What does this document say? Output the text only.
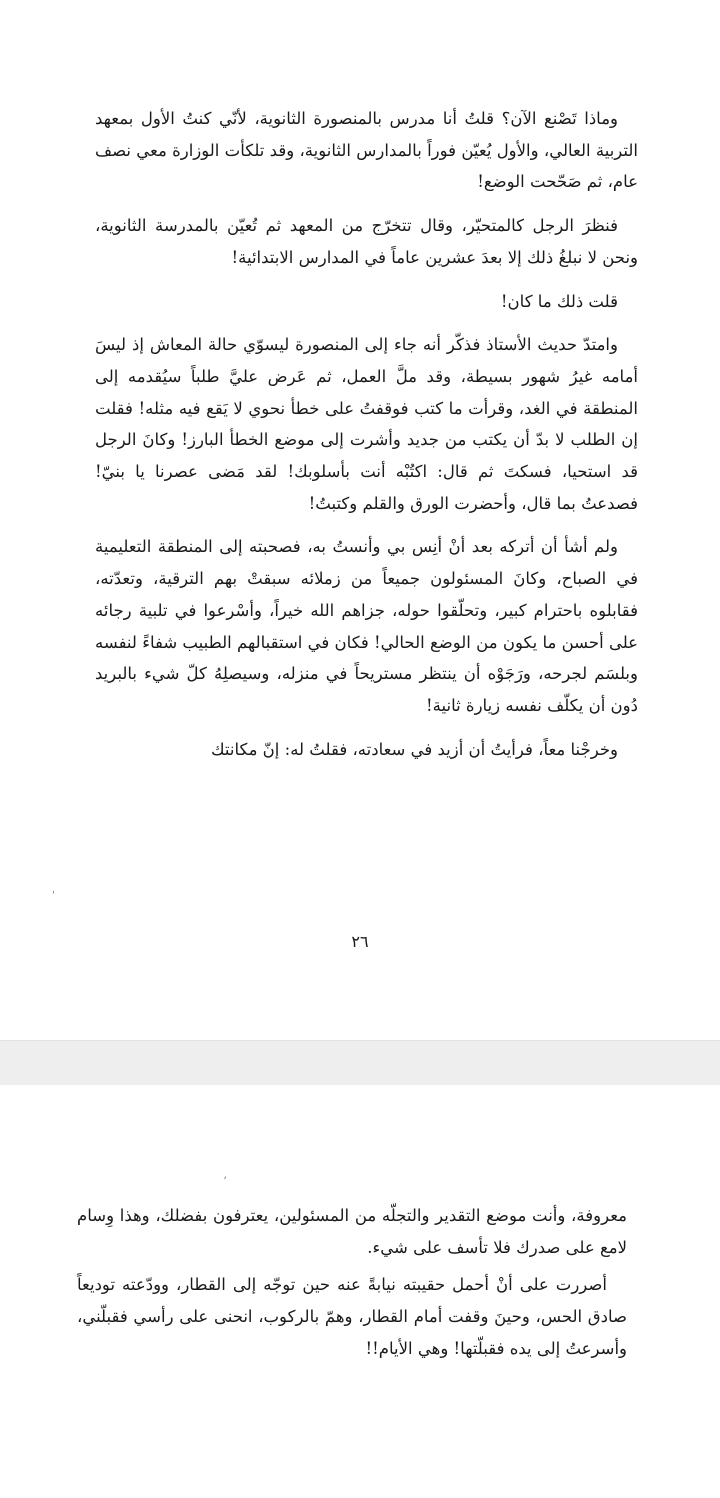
وماذا تَصْنع الآن؟ قلتُ أنا مدرس بالمنصورة الثانوية، لأنّي كنتُ الأول بمعهد التربية العالي، والأول يُعيّن فوراً بالمدارس الثانوية، وقد تلكأت الوزارة معي نصف عام، ثم صَحّحت الوضع!

فنظرَ الرجل كالمتحيّر، وقال تتخرّج من المعهد ثم تُعيّن بالمدرسة الثانوية، ونحن لا نبلغُ ذلك إلا بعدَ عشرين عاماً في المدارس الابتدائية!

قلت ذلك ما كان!

وامتدّ حديث الأستاذ فذكّر أنه جاء إلى المنصورة ليسوّي حالة المعاش إذ ليسَ أمامه غيرُ شهور بسيطة، وقد ملَّ العمل، ثم عَرض عليَّ طلباً سيُقدمه إلى المنطقة في الغد، وقرأت ما كتب فوقفتُ على خطأ نحوي لا يَقع فيه مثله! فقلت إن الطلب لا بدّ أن يكتب من جديد وأشرت إلى موضع الخطأ البارز! وكانَ الرجل قد استحيا، فسكتَ ثم قال: اكتُبْه أنت بأسلوبك! لقد مَضى عصرنا يا بنيّ! فصدعتُ بما قال، وأحضرت الورق والقلم وكتبتُ!

ولم أشأ أن أتركه بعد أنْ أنِس بي وأنستُ به، فصحبته إلى المنطقة التعليمية في الصباح، وكانَ المسئولون جميعاً من زملائه سبقتْ بهم الترقية، وتعدّته، فقابلوه باحترام كبير، وتحلّقوا حوله، جزاهم الله خيراً، وأسْرعوا في تلبية رجائه على أحسن ما يكون من الوضع الحالي! فكان في استقبالهم الطبيب شفاءً لنفسه وبلسَم لجرحه، ورَجَوْه أن ينتظر مستريحاً في منزله، وسيصلِهُ كلّ شيء بالبريد دُون أن يكلّف نفسه زيارة ثانية!

وخرجْنا معاً، فرأيتُ أن أزيد في سعادته، فقلتُ له: إنّ مكانتك

٢٦
ˌ
ʼ

معروفة، وأنت موضع التقدير والتجلّه من المسئولين، يعترفون بفضلك، وهذا وِسام لامع على صدرك فلا تأسف على شيء.

أصررت على أنْ أحمل حقيبته نيابةً عنه حين توجّه إلى القطار، وودّعته توديعاً صادق الحس، وحينَ وقفت أمام القطار، وهمّ بالركوب، انحنى على رأسي فقبلّني، وأسرعتُ إلى يده فقبلّتها! وهي الأيام!!
